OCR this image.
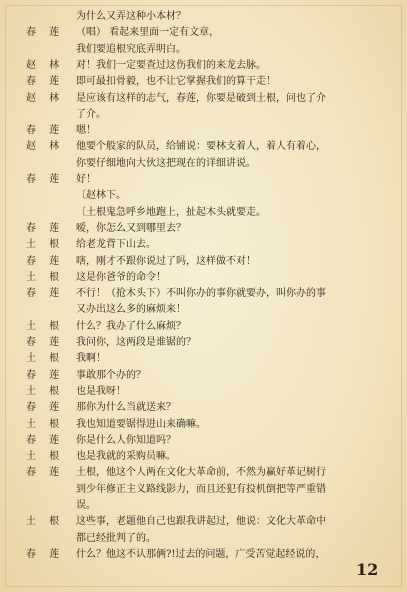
为什么又弄这种小本材？
春 莲 （唱） 看起来里面一定有文章，
我们要追根究底弄明白。
赵 林 对！我们一定要查过这伤我们的来龙去脉。
春 莲 即可最扣骨毅，也不让它掌握我们的算干走！
赵 林 是应该有这样的志气，春莲，你要是破到土根，问也了介
了介。
春 莲 嗯！
赵 林 他要个般家的队员，给铺说：要林支着人，着人有着心，
你要仔细地向大伙这把现在的详细讲说。
春 莲 好！
〔赵林下。
〔土根鬼急呼乡地跑上，扯起木头就要走。
春 莲 嗳，你怎么又到哪里去？
土 根 给老龙背下山去。
春 莲 嗐，刚才不跟你说过了吗，这样做不对！
土 根 这是你爸爷的命令！
春 莲 不行！（抢木头下）不叫你办的事你就要办，叫你办的事
又办出这么多的麻烦来！
土 根 什么？我办了什么麻烦？
春 莲 我问你，这两段是谁锯的？
土 根 我啊！
春 莲 事敢那个办的？
土 根 也是我呀！
春 莲 那你为什么当就送来？
土 根 我也知道要锯得进山来确嘛。
春 莲 你是什么人你知道吗？
土 根 也是我就的采购员嘛。
春 莲 土根，他这个人两在文化大革命前，不然为赢好革记树行
到少年修正主义路线影力，而且还犯有投机倒把等严重错
误。
土 根 这些事，老题他自己也跟我讲起过，他说：文化大革命中
都已经批判了的。
春 莲 什么？他这不认那俩?!过去的问题，广受苦觉起经说的，
12
